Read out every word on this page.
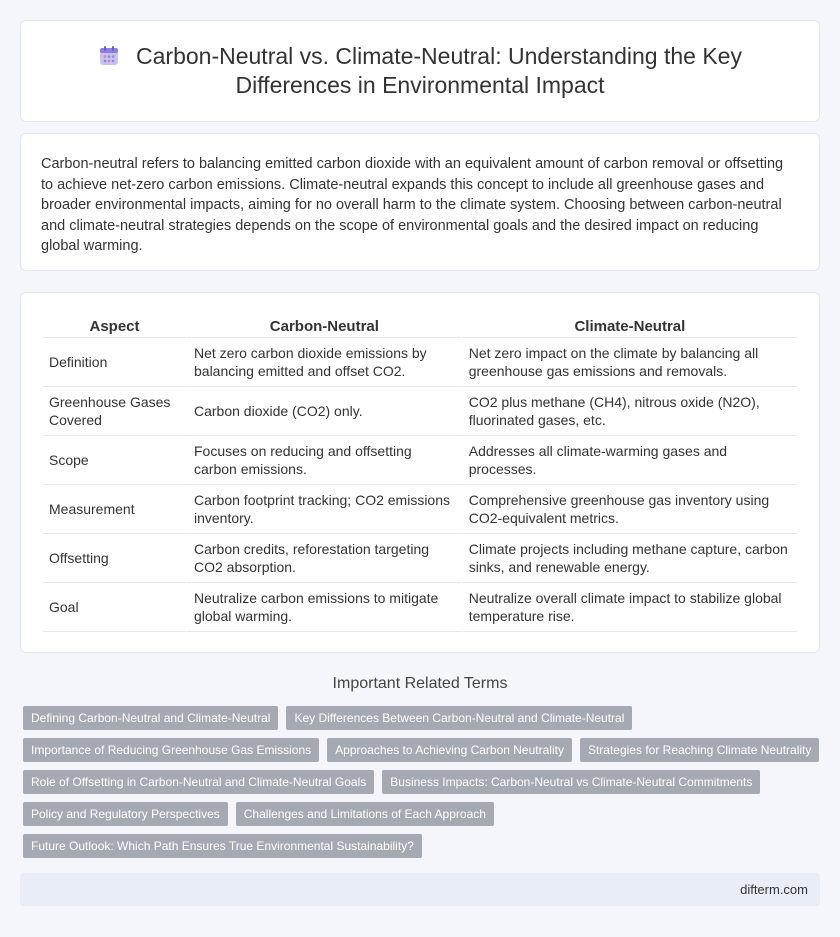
Carbon-Neutral vs. Climate-Neutral: Understanding the Key Differences in Environmental Impact

Carbon-neutral refers to balancing emitted carbon dioxide with an equivalent amount of carbon removal or offsetting to achieve net-zero carbon emissions. Climate-neutral expands this concept to include all greenhouse gases and broader environmental impacts, aiming for no overall harm to the climate system. Choosing between carbon-neutral and climate-neutral strategies depends on the scope of environmental goals and the desired impact on reducing global warming.

Aspect	Carbon-Neutral	Climate-Neutral
Definition	Net zero carbon dioxide emissions by balancing emitted and offset CO2.	Net zero impact on the climate by balancing all greenhouse gas emissions and removals.
Greenhouse Gases Covered	Carbon dioxide (CO2) only.	CO2 plus methane (CH4), nitrous oxide (N2O), fluorinated gases, etc.
Scope	Focuses on reducing and offsetting carbon emissions.	Addresses all climate-warming gases and processes.
Measurement	Carbon footprint tracking; CO2 emissions inventory.	Comprehensive greenhouse gas inventory using CO2-equivalent metrics.
Offsetting	Carbon credits, reforestation targeting CO2 absorption.	Climate projects including methane capture, carbon sinks, and renewable energy.
Goal	Neutralize carbon emissions to mitigate global warming.	Neutralize overall climate impact to stabilize global temperature rise.
Important Related Terms
Defining Carbon-Neutral and Climate-Neutral	Key Differences Between Carbon-Neutral and Climate-Neutral
Importance of Reducing Greenhouse Gas Emissions	Approaches to Achieving Carbon Neutrality	Strategies for Reaching Climate Neutrality
Role of Offsetting in Carbon-Neutral and Climate-Neutral Goals	Business Impacts: Carbon-Neutral vs Climate-Neutral Commitments
Policy and Regulatory Perspectives	Challenges and Limitations of Each Approach
Future Outlook: Which Path Ensures True Environmental Sustainability?
difterm.com
